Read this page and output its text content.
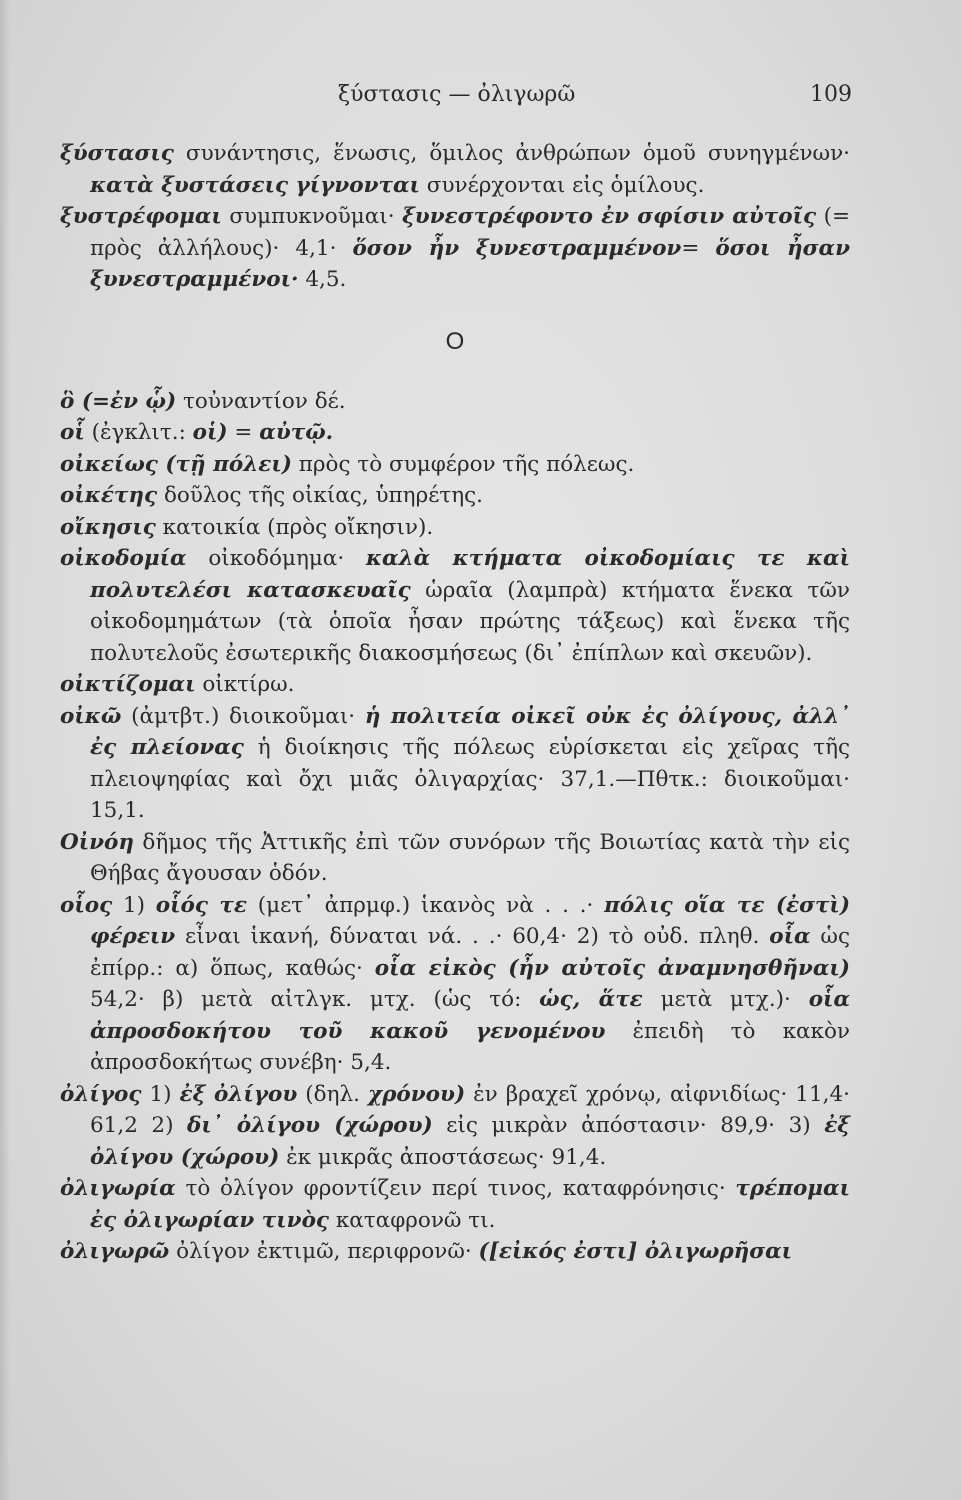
ξύστασις — ὀλιγωρῶ	109

ξύστασις συνάντησις, ἕνωσις, ὅμιλος ἀνθρώπων ὁμοῦ συνηγμένων· κατὰ ξυστάσεις γίγνονται συνέρχονται εἰς ὁμίλους.

ξυστρέφομαι συμπυκνοῦμαι· ξυνεστρέφοντο ἐν σφίσιν αὐτοῖς (= πρὸς ἀλλήλους)· 4,1· ὅσον ἦν ξυνεστραμμένον= ὅσοι ἦσαν ξυνεστραμμένοι· 4,5.

Ο

ὃ (=ἐν ᾧ) τοὐναντίον δέ.

οἷ (ἐγκλιτ.: οἱ) = αὐτῷ.

οἰκείως (τῇ πόλει) πρὸς τὸ συμφέρον τῆς πόλεως.

οἰκέτης δοῦλος τῆς οἰκίας, ὑπηρέτης.

οἴκησις κατοικία (πρὸς οἴκησιν).

οἰκοδομία οἰκοδόμημα· καλὰ κτήματα οἰκοδομίαις τε καὶ πολυτελέσι κατασκευαῖς ὡραῖα (λαμπρὰ) κτήματα ἕνεκα τῶν οἰκοδομημάτων (τὰ ὁποῖα ἦσαν πρώτης τάξεως) καὶ ἕνεκα τῆς πολυτελοῦς ἐσωτερικῆς διακοσμήσεως (δι᾽ ἐπίπλων καὶ σκευῶν).

οἰκτίζομαι οἰκτίρω.

οἰκῶ (ἀμτβτ.) διοικοῦμαι· ἡ πολιτεία οἰκεῖ οὐκ ἐς ὀλίγους, ἀλλ᾽ ἐς πλείονας ἡ διοίκησις τῆς πόλεως εὑρίσκεται εἰς χεῖρας τῆς πλειοψηφίας καὶ ὄχι μιᾶς ὀλιγαρχίας· 37,1.—Πθτκ.: διοικοῦμαι· 15,1.

Οἰνόη δῆμος τῆς Ἀττικῆς ἐπὶ τῶν συνόρων τῆς Βοιωτίας κατὰ τὴν εἰς Θήβας ἄγουσαν ὁδόν.

οἷος 1) οἷός τε (μετ᾽ ἀπρμφ.) ἱκανὸς νὰ . . .· πόλις οἵα τε (ἐστὶ) φέρειν εἶναι ἱκανή, δύναται νά. . .· 60,4· 2) τὸ οὐδ. πληθ. οἷα ὡς ἐπίρρ.: α) ὅπως, καθώς· οἷα εἰκὸς (ἦν αὐτοῖς ἀναμνησθῆναι) 54,2· β) μετὰ αἰτλγκ. μτχ. (ὡς τό: ὡς, ἅτε μετὰ μτχ.)· οἷα ἀπροσδοκήτου τοῦ κακοῦ γενομένου ἐπειδὴ τὸ κακὸν ἀπροσδοκήτως συνέβη· 5,4.

ὀλίγος 1) ἐξ ὀλίγου (δηλ. χρόνου) ἐν βραχεῖ χρόνῳ, αἰφνιδίως· 11,4· 61,2 2) δι᾽ ὀλίγου (χώρου) εἰς μικρὰν ἀπόστασιν· 89,9· 3) ἐξ ὀλίγου (χώρου) ἐκ μικρᾶς ἀποστάσεως· 91,4.

ὀλιγωρία τὸ ὀλίγον φροντίζειν περί τινος, καταφρόνησις· τρέπομαι ἐς ὀλιγωρίαν τινὸς καταφρονῶ τι.

ὀλιγωρῶ ὀλίγον ἐκτιμῶ, περιφρονῶ· ([εἰκός ἐστι] ὀλιγωρῆσαι
